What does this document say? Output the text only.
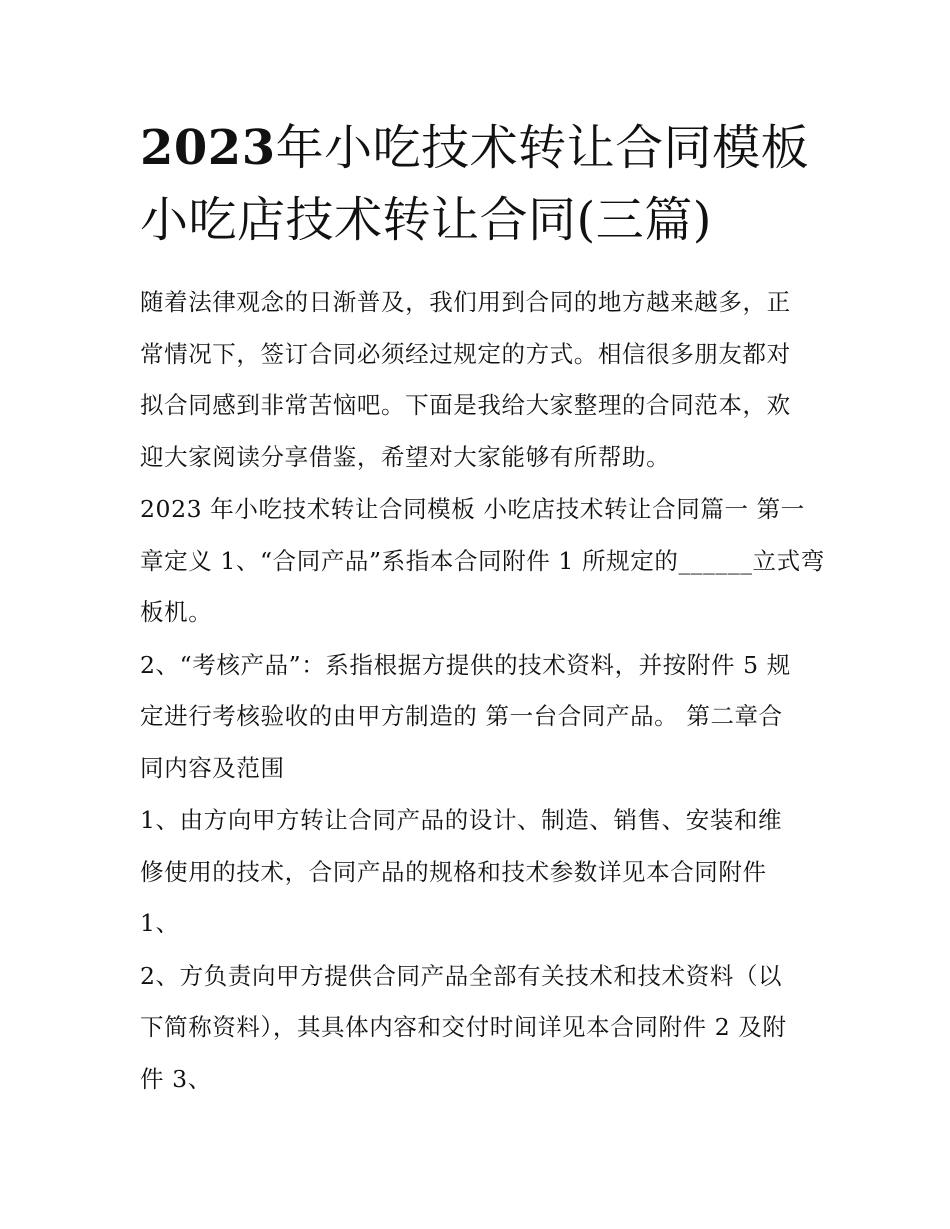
2023年小吃技术转让合同模板
小吃店技术转让合同(三篇)

随着法律观念的日渐普及，我们用到合同的地方越来越多，正
常情况下，签订合同必须经过规定的方式。相信很多朋友都对
拟合同感到非常苦恼吧。下面是我给大家整理的合同范本，欢
迎大家阅读分享借鉴，希望对大家能够有所帮助。

2023 年小吃技术转让合同模板 小吃店技术转让合同篇一 第一
章定义 1、“合同产品”系指本合同附件 1 所规定的______立式弯
板机。

2、“考核产品”：系指根据方提供的技术资料，并按附件 5 规
定进行考核验收的由甲方制造的 第一台合同产品。 第二章合
同内容及范围

1、由方向甲方转让合同产品的设计、制造、销售、安装和维
修使用的技术，合同产品的规格和技术参数详见本合同附件
1、

2、方负责向甲方提供合同产品全部有关技术和技术资料（以
下简称资料），其具体内容和交付时间详见本合同附件 2 及附
件 3、
